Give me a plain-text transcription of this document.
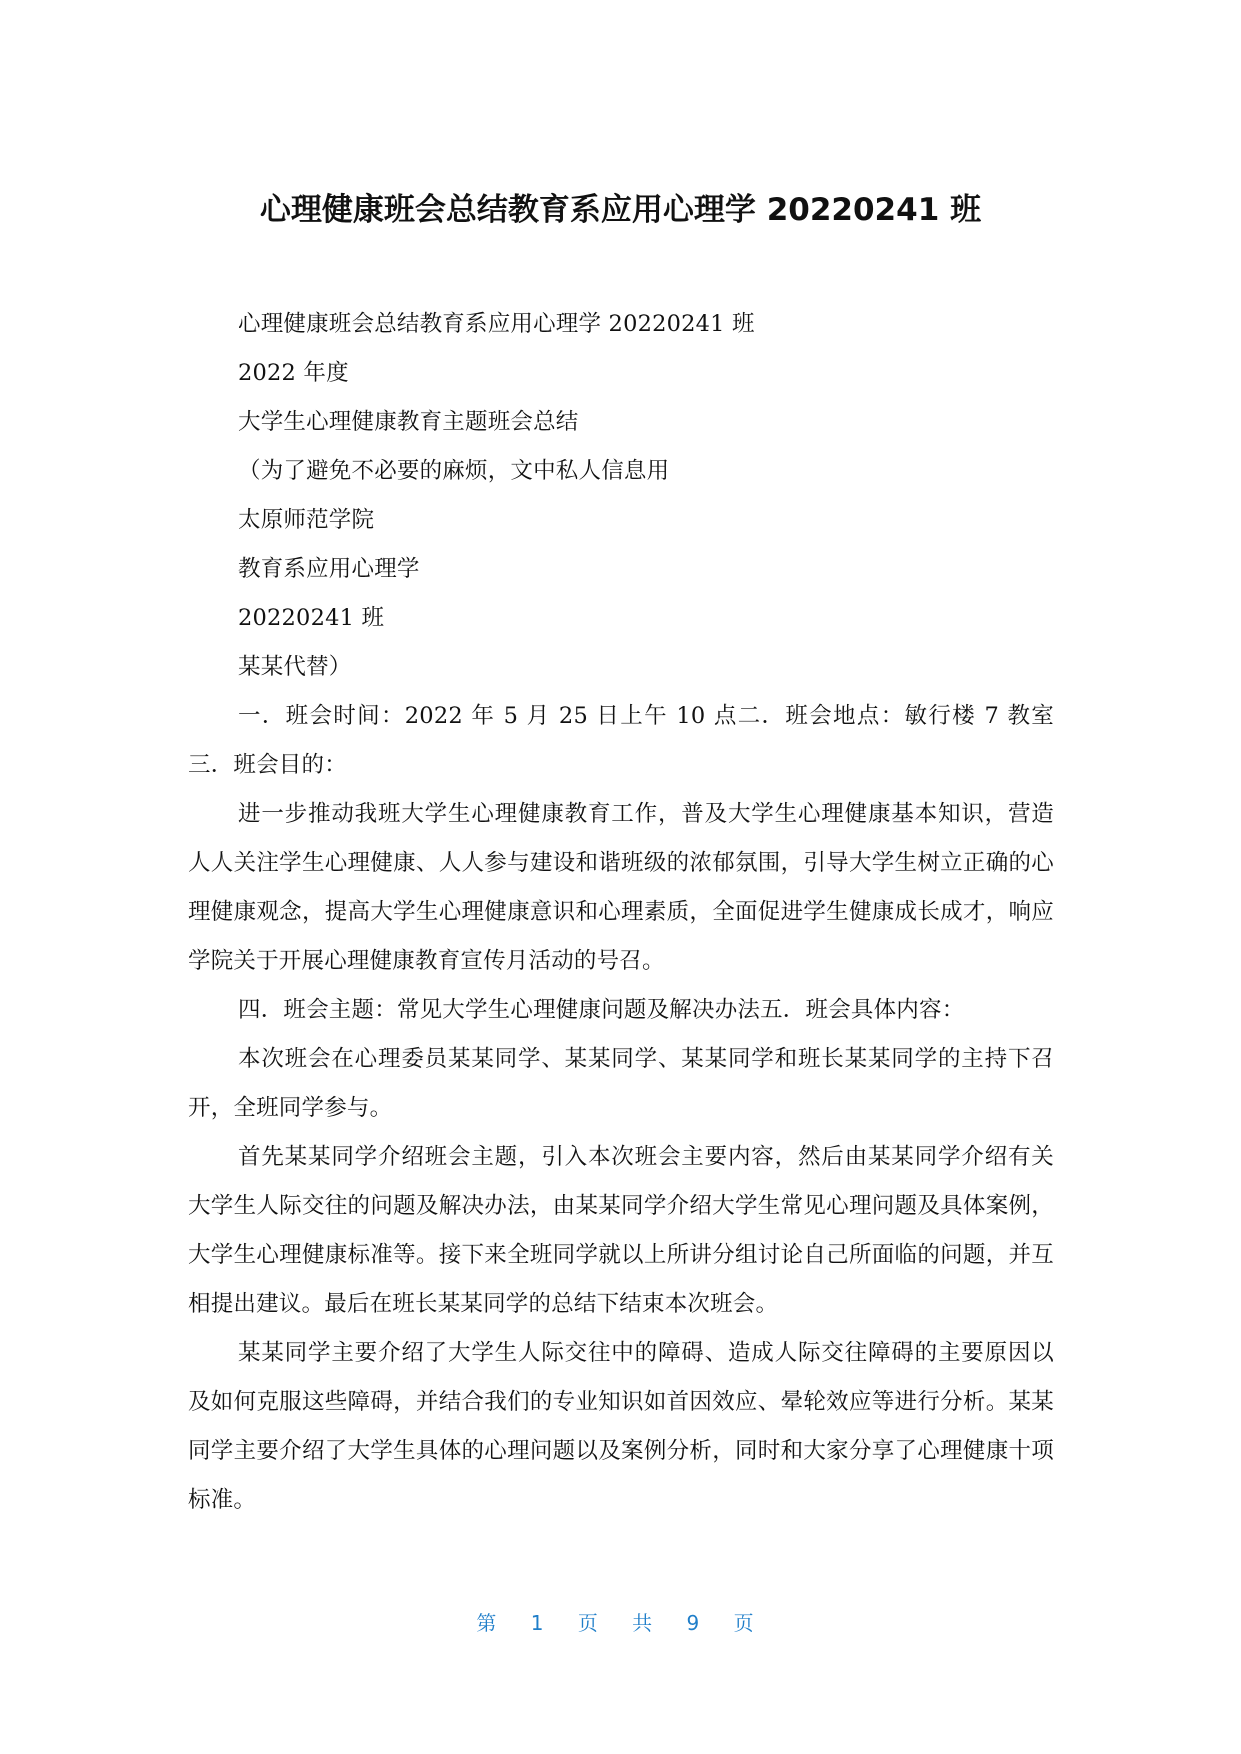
心理健康班会总结教育系应用心理学 20220241 班

心理健康班会总结教育系应用心理学 20220241 班

2022 年度

大学生心理健康教育主题班会总结

（为了避免不必要的麻烦，文中私人信息用

太原师范学院

教育系应用心理学

20220241 班

某某代替）

一．班会时间：2022 年 5 月 25 日上午 10 点二．班会地点：敏行楼 7 教室三．班会目的：

进一步推动我班大学生心理健康教育工作，普及大学生心理健康基本知识，营造人人关注学生心理健康、人人参与建设和谐班级的浓郁氛围，引导大学生树立正确的心理健康观念，提高大学生心理健康意识和心理素质，全面促进学生健康成长成才，响应学院关于开展心理健康教育宣传月活动的号召。

四．班会主题：常见大学生心理健康问题及解决办法五．班会具体内容：

本次班会在心理委员某某同学、某某同学、某某同学和班长某某同学的主持下召开，全班同学参与。

首先某某同学介绍班会主题，引入本次班会主要内容，然后由某某同学介绍有关大学生人际交往的问题及解决办法，由某某同学介绍大学生常见心理问题及具体案例，大学生心理健康标准等。接下来全班同学就以上所讲分组讨论自己所面临的问题，并互相提出建议。最后在班长某某同学的总结下结束本次班会。

某某同学主要介绍了大学生人际交往中的障碍、造成人际交往障碍的主要原因以及如何克服这些障碍，并结合我们的专业知识如首因效应、晕轮效应等进行分析。某某同学主要介绍了大学生具体的心理问题以及案例分析，同时和大家分享了心理健康十项标准。

第 1 页 共 9 页
